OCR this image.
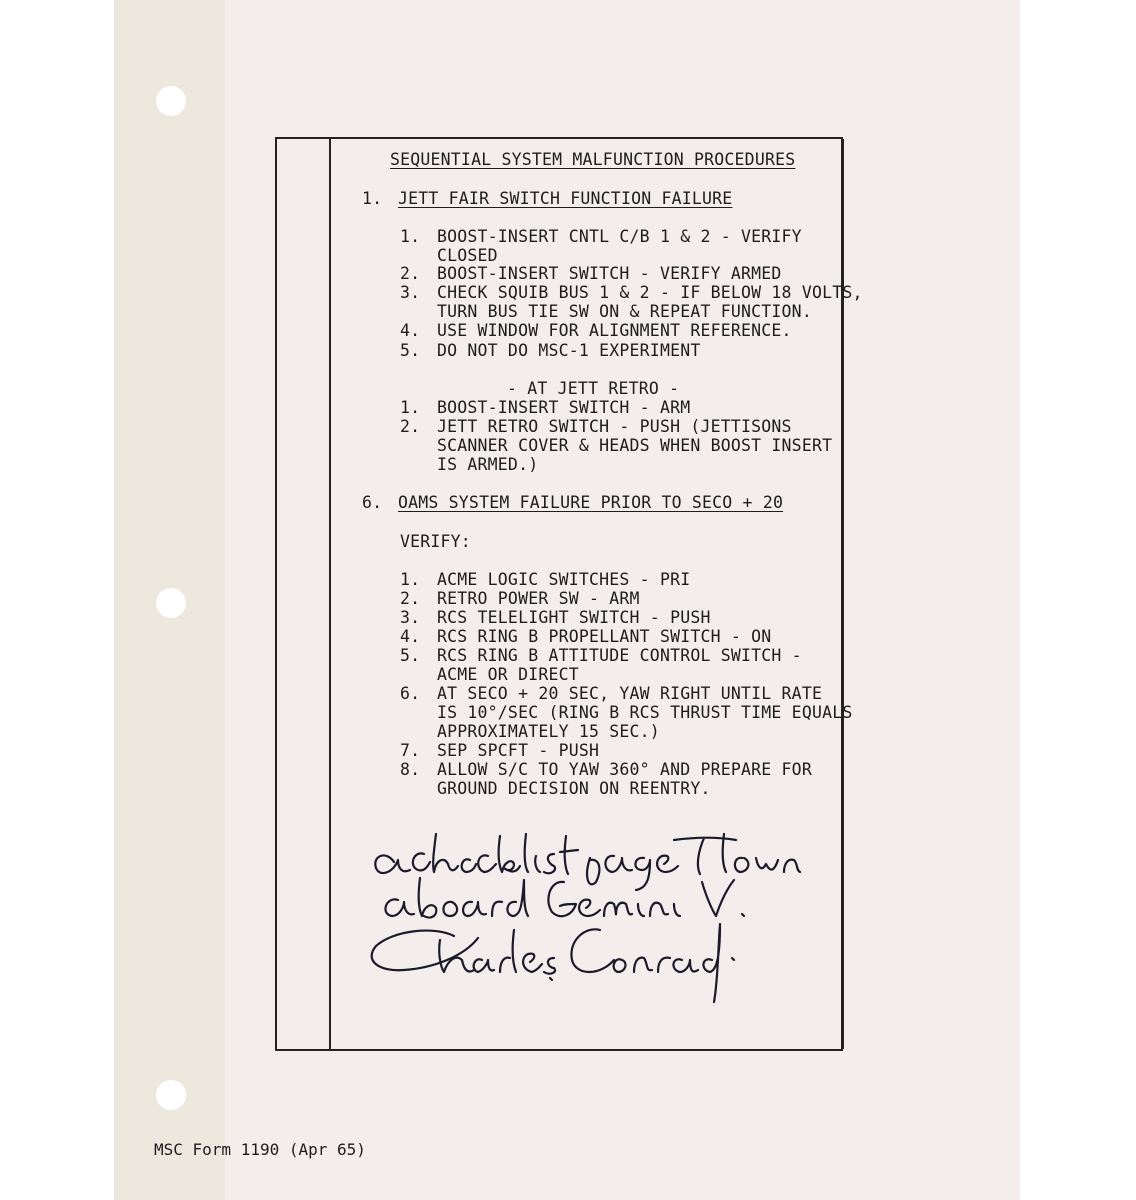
SEQUENTIAL SYSTEM MALFUNCTION PROCEDURES
1. JETT FAIR SWITCH FUNCTION FAILURE
1. BOOST-INSERT CNTL C/B 1 & 2 - VERIFY
CLOSED
2. BOOST-INSERT SWITCH - VERIFY ARMED
3. CHECK SQUIB BUS 1 & 2 - IF BELOW 18 VOLTS,
TURN BUS TIE SW ON & REPEAT FUNCTION.
4. USE WINDOW FOR ALIGNMENT REFERENCE.
5. DO NOT DO MSC-1 EXPERIMENT
- AT JETT RETRO -
1. BOOST-INSERT SWITCH - ARM
2. JETT RETRO SWITCH - PUSH (JETTISONS
SCANNER COVER & HEADS WHEN BOOST INSERT
IS ARMED.)
6. OAMS SYSTEM FAILURE PRIOR TO SECO + 20
VERIFY:
1. ACME LOGIC SWITCHES - PRI
2. RETRO POWER SW - ARM
3. RCS TELELIGHT SWITCH - PUSH
4. RCS RING B PROPELLANT SWITCH - ON
5. RCS RING B ATTITUDE CONTROL SWITCH -
ACME OR DIRECT
6. AT SECO + 20 SEC, YAW RIGHT UNTIL RATE
IS 10°/SEC (RING B RCS THRUST TIME EQUALS
APPROXIMATELY 15 SEC.)
7. SEP SPCFT - PUSH
8. ALLOW S/C TO YAW 360° AND PREPARE FOR
GROUND DECISION ON REENTRY.
MSC Form 1190 (Apr 65)
